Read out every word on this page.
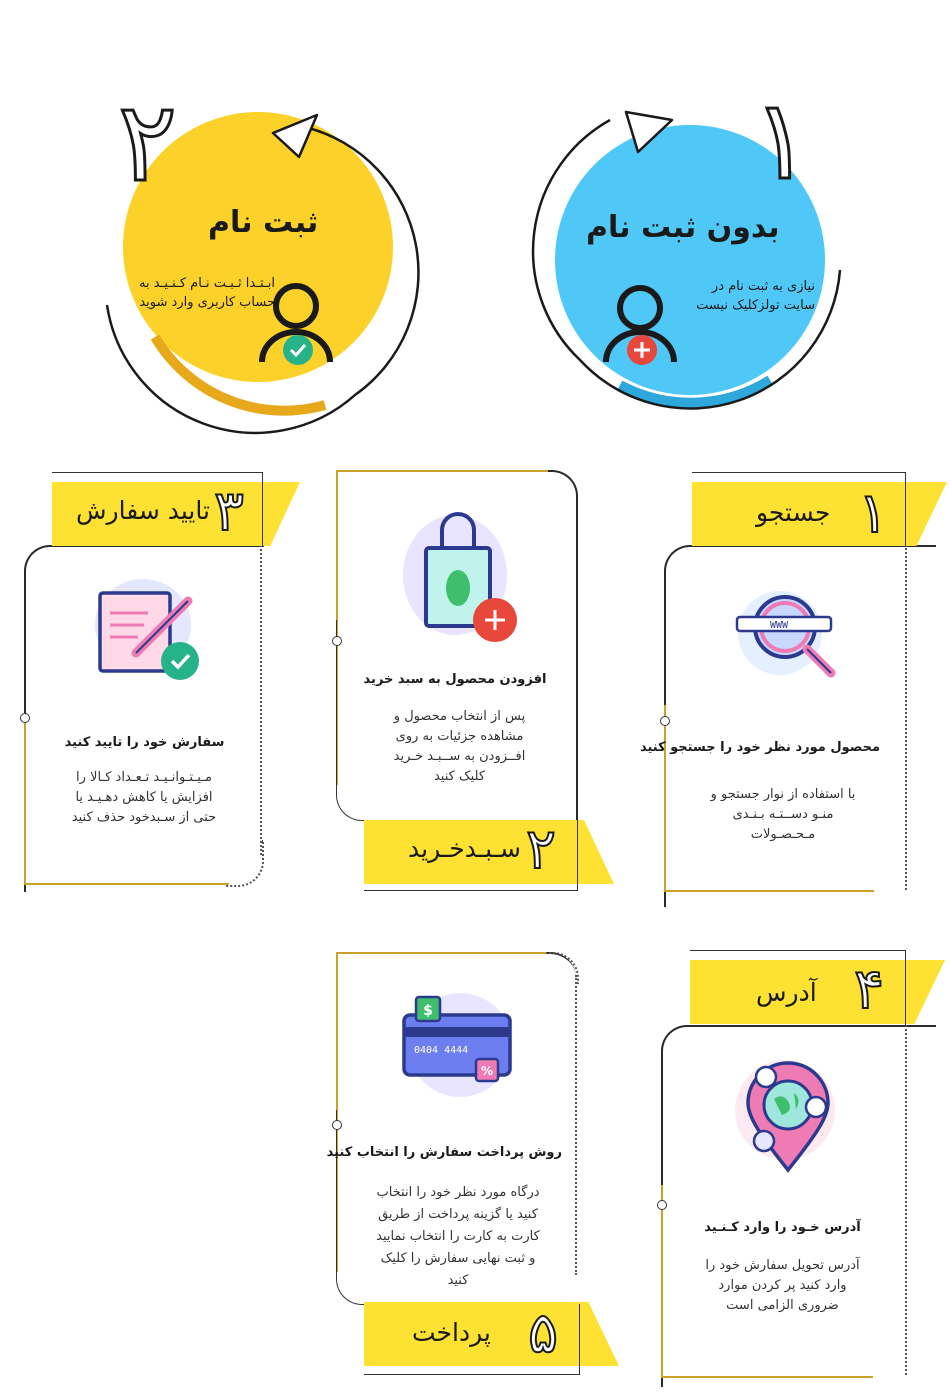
٢
ثبت نام
ابـتـدا ثـبـت نـام كـنـيـد به حساب كاربری وارد شويد
١
بدون ثبت نام
نيازی به ثبت نام در سايت تولزكليک نيست
جستجو ١
WWW
محصول مورد نظر خود را جستجو كنيد
با استفاده از نوار جستجو و منـو دســتـه بـنـدی مـحـصـولات
سـبـدخـريد ٢
افزودن محصول به سبد خريد
پس از انتخاب محصول و مشاهده جزئيات به روی افــزودن به ســبـد خـريد كليک كنيد
تاييد سفارش ٣
سفارش خود را تاييد كنيد
مـيـتـوانـيـد تـعـداد كـالا را افزايش يا كاهش دهـيـد يا حتی از سـبدخود حذف كنيد
آدرس ۴
آدرس خـود را وارد كـنـيد
آدرس تحويل سفارش خود را وارد كنيد پر كردن موارد ضروری الزامی است
پرداخت ۵
0404 4444
$
%
روش پرداخت سفارش را انتخاب كنيد
درگاه مورد نظر خود را انتخاب كنيد يا گزينه پرداخت از طريق كارت به كارت را انتخاب نماييد و ثبت نهايی سفارش را كليک كنيد
